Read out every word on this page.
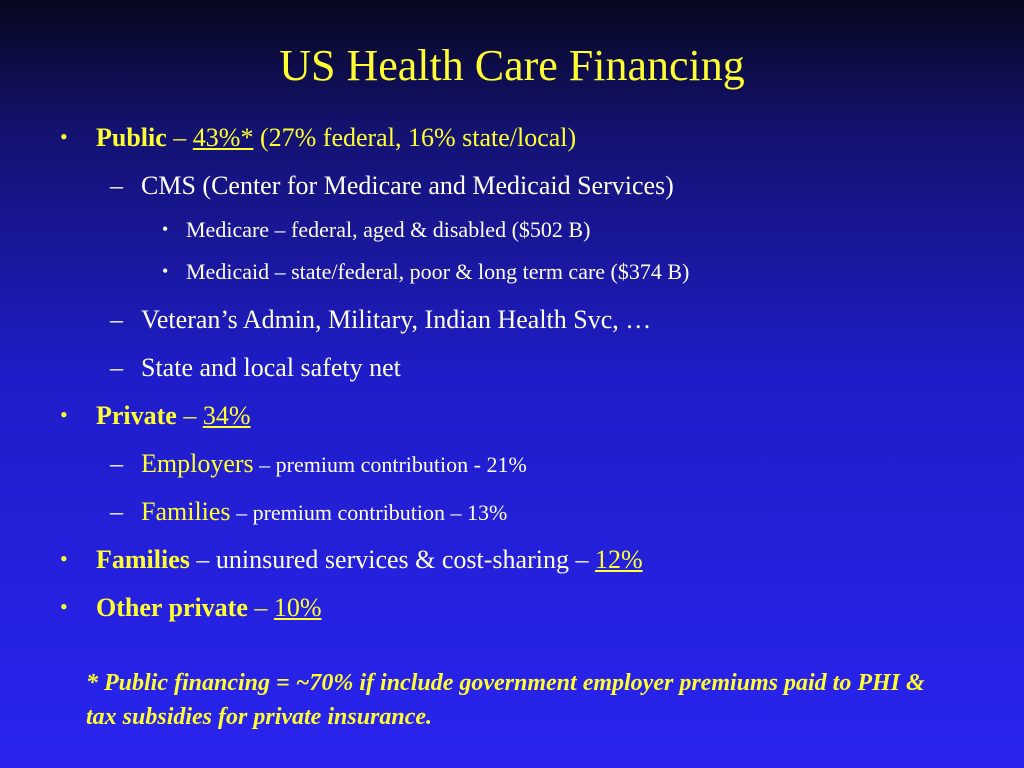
US Health Care Financing
• Public – 43%* (27% federal, 16% state/local)
– CMS (Center for Medicare and Medicaid Services)
• Medicare – federal, aged & disabled ($502 B)
• Medicaid – state/federal, poor & long term care ($374 B)
– Veteran’s Admin, Military, Indian Health Svc, …
– State and local safety net
• Private – 34%
– Employers – premium contribution - 21%
– Families – premium contribution – 13%
• Families – uninsured services & cost-sharing – 12%
• Other private – 10%
* Public financing = ~70% if include government employer premiums paid to PHI & tax subsidies for private insurance.
